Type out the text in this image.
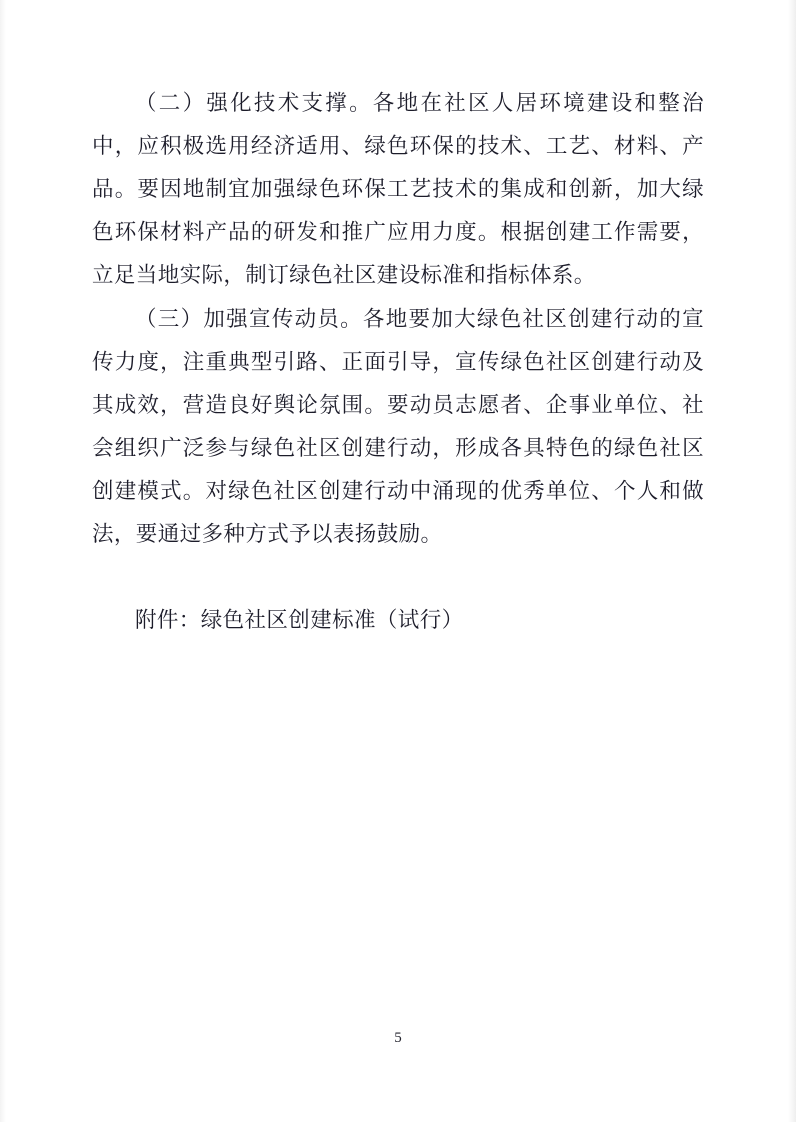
（二）强化技术支撑。各地在社区人居环境建设和整治中，应积极选用经济适用、绿色环保的技术、工艺、材料、产品。要因地制宜加强绿色环保工艺技术的集成和创新，加大绿色环保材料产品的研发和推广应用力度。根据创建工作需要，立足当地实际，制订绿色社区建设标准和指标体系。

（三）加强宣传动员。各地要加大绿色社区创建行动的宣传力度，注重典型引路、正面引导，宣传绿色社区创建行动及其成效，营造良好舆论氛围。要动员志愿者、企事业单位、社会组织广泛参与绿色社区创建行动，形成各具特色的绿色社区创建模式。对绿色社区创建行动中涌现的优秀单位、个人和做法，要通过多种方式予以表扬鼓励。

附件：绿色社区创建标准（试行）
5
